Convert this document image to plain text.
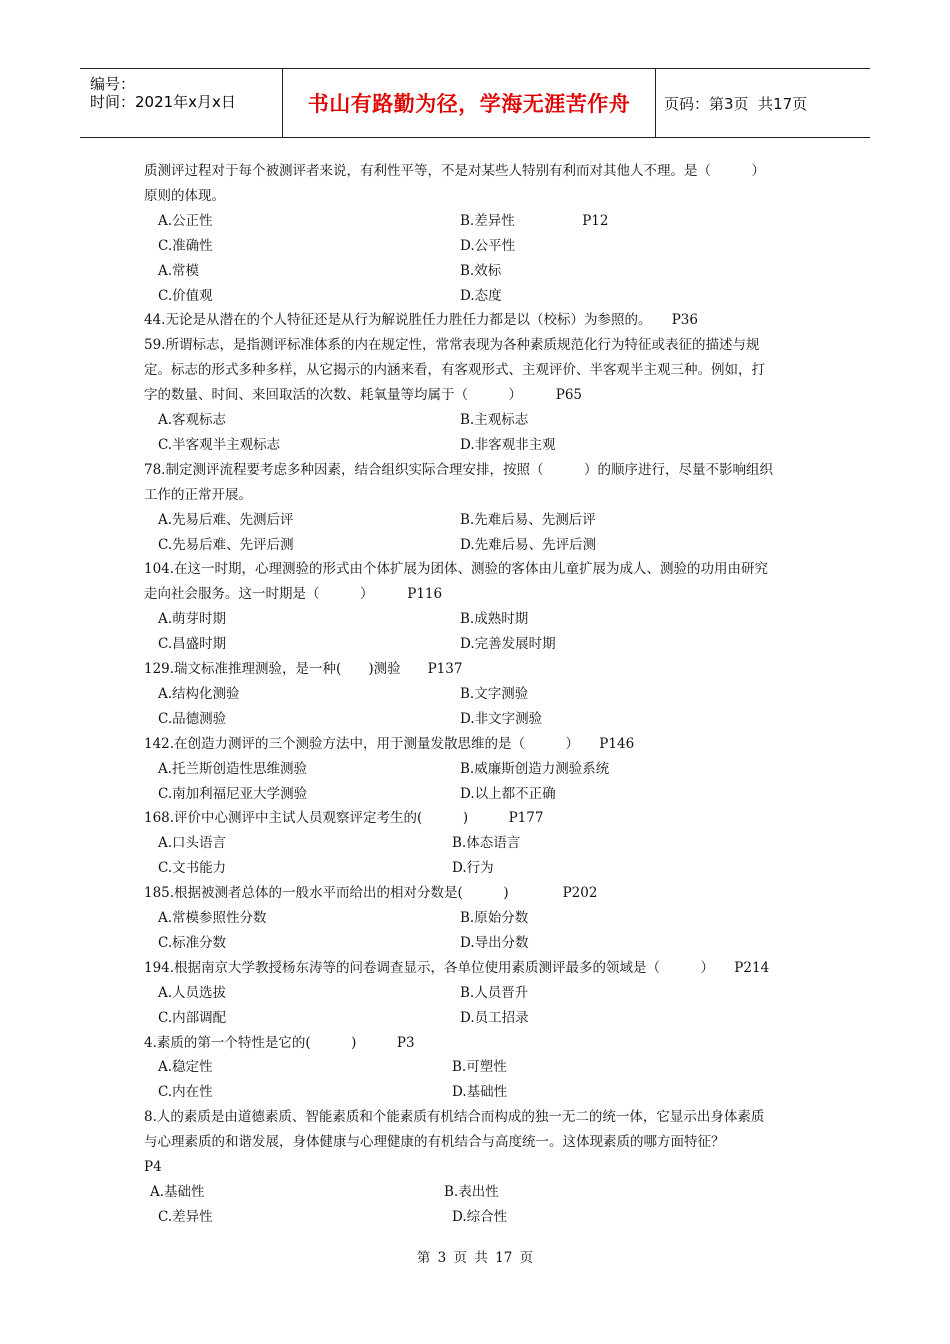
编号：
时间：2021年x月x日	书山有路勤为径，学海无涯苦作舟 页码：第3页  共17页
质测评过程对于每个被测评者来说，有利性平等，不是对某些人特别有利而对其他人不理。是（　　　）
原则的体现。
A.公正性	B.差异性　　　　　P12
C.准确性	D.公平性
A.常模	B.效标
C.价值观	D.态度
44.无论是从潜在的个人特征还是从行为解说胜任力胜任力都是以（校标）为参照的。　　P36
59.所谓标志，是指测评标准体系的内在规定性，常常表现为各种素质规范化行为特征或表征的描述与规
定。标志的形式多种多样，从它揭示的内涵来看，有客观形式、主观评价、半客观半主观三种。例如，打
字的数量、时间、来回取活的次数、耗氧量等均属于（　　　）　　　P65
A.客观标志	B.主观标志
C.半客观半主观标志	D.非客观非主观
78.制定测评流程要考虑多种因素，结合组织实际合理安排，按照（　　　）的顺序进行，尽量不影响组织
工作的正常开展。
A.先易后难、先测后评	B.先难后易、先测后评
C.先易后难、先评后测	D.先难后易、先评后测
104.在这一时期，心理测验的形式由个体扩展为团体、测验的客体由儿童扩展为成人、测验的功用由研究
走向社会服务。这一时期是（　　　）　　　P116
A.萌芽时期	B.成熟时期
C.昌盛时期	D.完善发展时期
129.瑞文标准推理测验，是一种(　　)测验　　P137
A.结构化测验	B.文字测验
C.品德测验	D.非文字测验
142.在创造力测评的三个测验方法中，用于测量发散思维的是（　　　）　　P146
A.托兰斯创造性思维测验	B.威廉斯创造力测验系统
C.南加利福尼亚大学测验	D.以上都不正确
168.评价中心测评中主试人员观察评定考生的(　　　)　　　P177
A.口头语言	B.体态语言
C.文书能力	D.行为
185.根据被测者总体的一般水平而给出的相对分数是(　　　)　　　　P202
A.常模参照性分数	B.原始分数
C.标准分数	D.导出分数
194.根据南京大学教授杨东涛等的问卷调查显示，各单位使用素质测评最多的领域是（　　　）　　P214
A.人员选拔	B.人员晋升
C.内部调配	D.员工招录
4.素质的第一个特性是它的(　　　)　　　P3
A.稳定性	B.可塑性
C.内在性	D.基础性
8.人的素质是由道德素质、智能素质和个能素质有机结合而构成的独一无二的统一体，它显示出身体素质
与心理素质的和谐发展，身体健康与心理健康的有机结合与高度统一。这体现素质的哪方面特征？
P4
A.基础性	B.表出性
C.差异性	D.综合性
第 3 页 共 17 页
